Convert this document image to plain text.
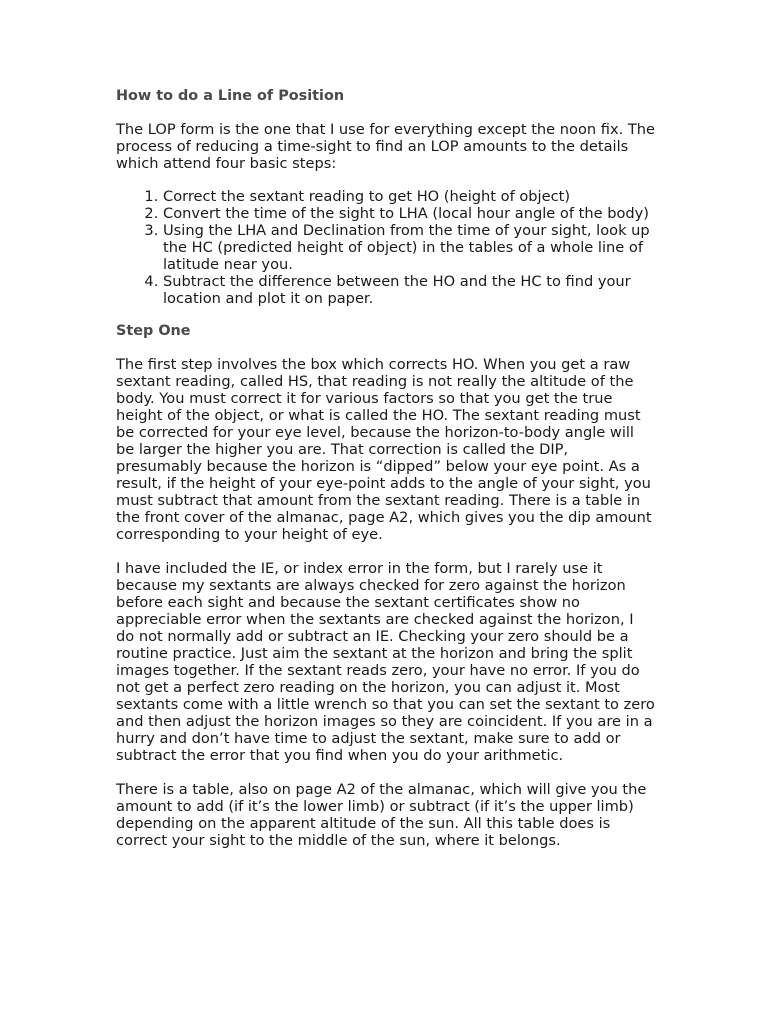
How to do a Line of Position

The LOP form is the one that I use for everything except the noon fix. The process of reducing a time-sight to find an LOP amounts to the details which attend four basic steps:

1. Correct the sextant reading to get HO (height of object)
2. Convert the time of the sight to LHA (local hour angle of the body)
3. Using the LHA and Declination from the time of your sight, look up the HC (predicted height of object) in the tables of a whole line of latitude near you.
4. Subtract the difference between the HO and the HC to find your location and plot it on paper.
Step One

The first step involves the box which corrects HO. When you get a raw sextant reading, called HS, that reading is not really the altitude of the body. You must correct it for various factors so that you get the true height of the object, or what is called the HO. The sextant reading must be corrected for your eye level, because the horizon-to-body angle will be larger the higher you are. That correction is called the DIP, presumably because the horizon is “dipped” below your eye point. As a result, if the height of your eye-point adds to the angle of your sight, you must subtract that amount from the sextant reading. There is a table in the front cover of the almanac, page A2, which gives you the dip amount corresponding to your height of eye.

I have included the IE, or index error in the form, but I rarely use it because my sextants are always checked for zero against the horizon before each sight and because the sextant certificates show no appreciable error when the sextants are checked against the horizon, I do not normally add or subtract an IE. Checking your zero should be a routine practice. Just aim the sextant at the horizon and bring the split images together. If the sextant reads zero, your have no error. If you do not get a perfect zero reading on the horizon, you can adjust it. Most sextants come with a little wrench so that you can set the sextant to zero and then adjust the horizon images so they are coincident. If you are in a hurry and don’t have time to adjust the sextant, make sure to add or subtract the error that you find when you do your arithmetic.

There is a table, also on page A2 of the almanac, which will give you the amount to add (if it’s the lower limb) or subtract (if it’s the upper limb) depending on the apparent altitude of the sun. All this table does is correct your sight to the middle of the sun, where it belongs.
